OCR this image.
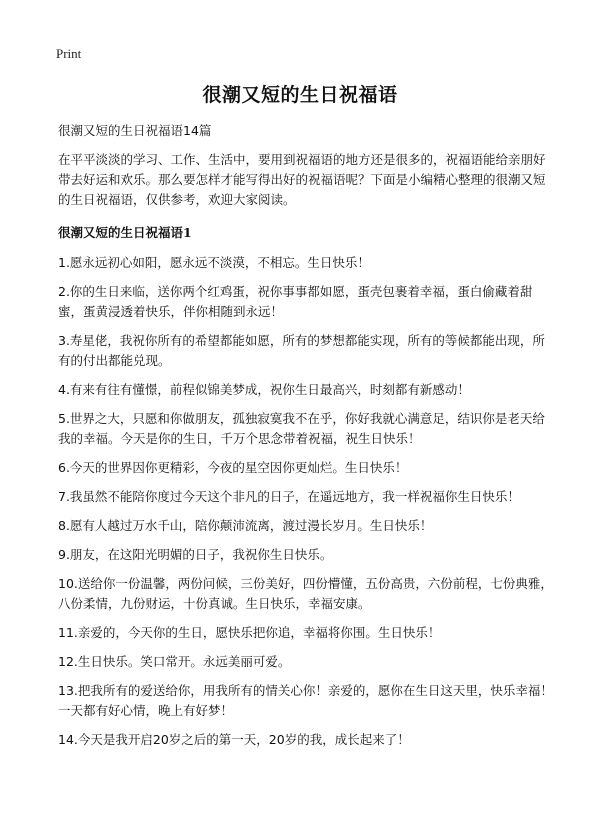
Print
很潮又短的生日祝福语

很潮又短的生日祝福语14篇

在平平淡淡的学习、工作、生活中，要用到祝福语的地方还是很多的，祝福语能给亲朋好带去好运和欢乐。那么要怎样才能写得出好的祝福语呢？下面是小编精心整理的很潮又短的生日祝福语，仅供参考，欢迎大家阅读。

很潮又短的生日祝福语1

1.愿永远初心如阳，愿永远不淡漠，不相忘。生日快乐！
2.你的生日来临，送你两个红鸡蛋，祝你事事都如愿，蛋壳包裹着幸福，蛋白偷藏着甜蜜，蛋黄浸透着快乐，伴你相随到永远！
3.寿星佬，我祝你所有的希望都能如愿，所有的梦想都能实现，所有的等候都能出现，所有的付出都能兑现。
4.有来有往有懂憬，前程似锦美梦成，祝你生日最高兴，时刻都有新感动！
5.世界之大，只愿和你做朋友，孤独寂寞我不在乎，你好我就心满意足，结识你是老天给我的幸福。今天是你的生日，千万个思念带着祝福，祝生日快乐！
6.今天的世界因你更精彩，今夜的星空因你更灿烂。生日快乐！
7.我虽然不能陪你度过今天这个非凡的日子，在遥远地方，我一样祝福你生日快乐！
8.愿有人越过万水千山，陪你颠沛流离，渡过漫长岁月。生日快乐！
9.朋友，在这阳光明媚的日子，我祝你生日快乐。
10.送给你一份温馨，两份问候，三份美好，四份懵懂，五份高贵，六份前程，七份典雅，八份柔情，九份财运，十份真诚。生日快乐，幸福安康。
11.亲爱的，今天你的生日，愿快乐把你追，幸福将你围。生日快乐！
12.生日快乐。笑口常开。永远美丽可爱。
13.把我所有的爱送给你，用我所有的情关心你！亲爱的，愿你在生日这天里，快乐幸福！一天都有好心情，晚上有好梦！
14.今天是我开启20岁之后的第一天，20岁的我，成长起来了！
